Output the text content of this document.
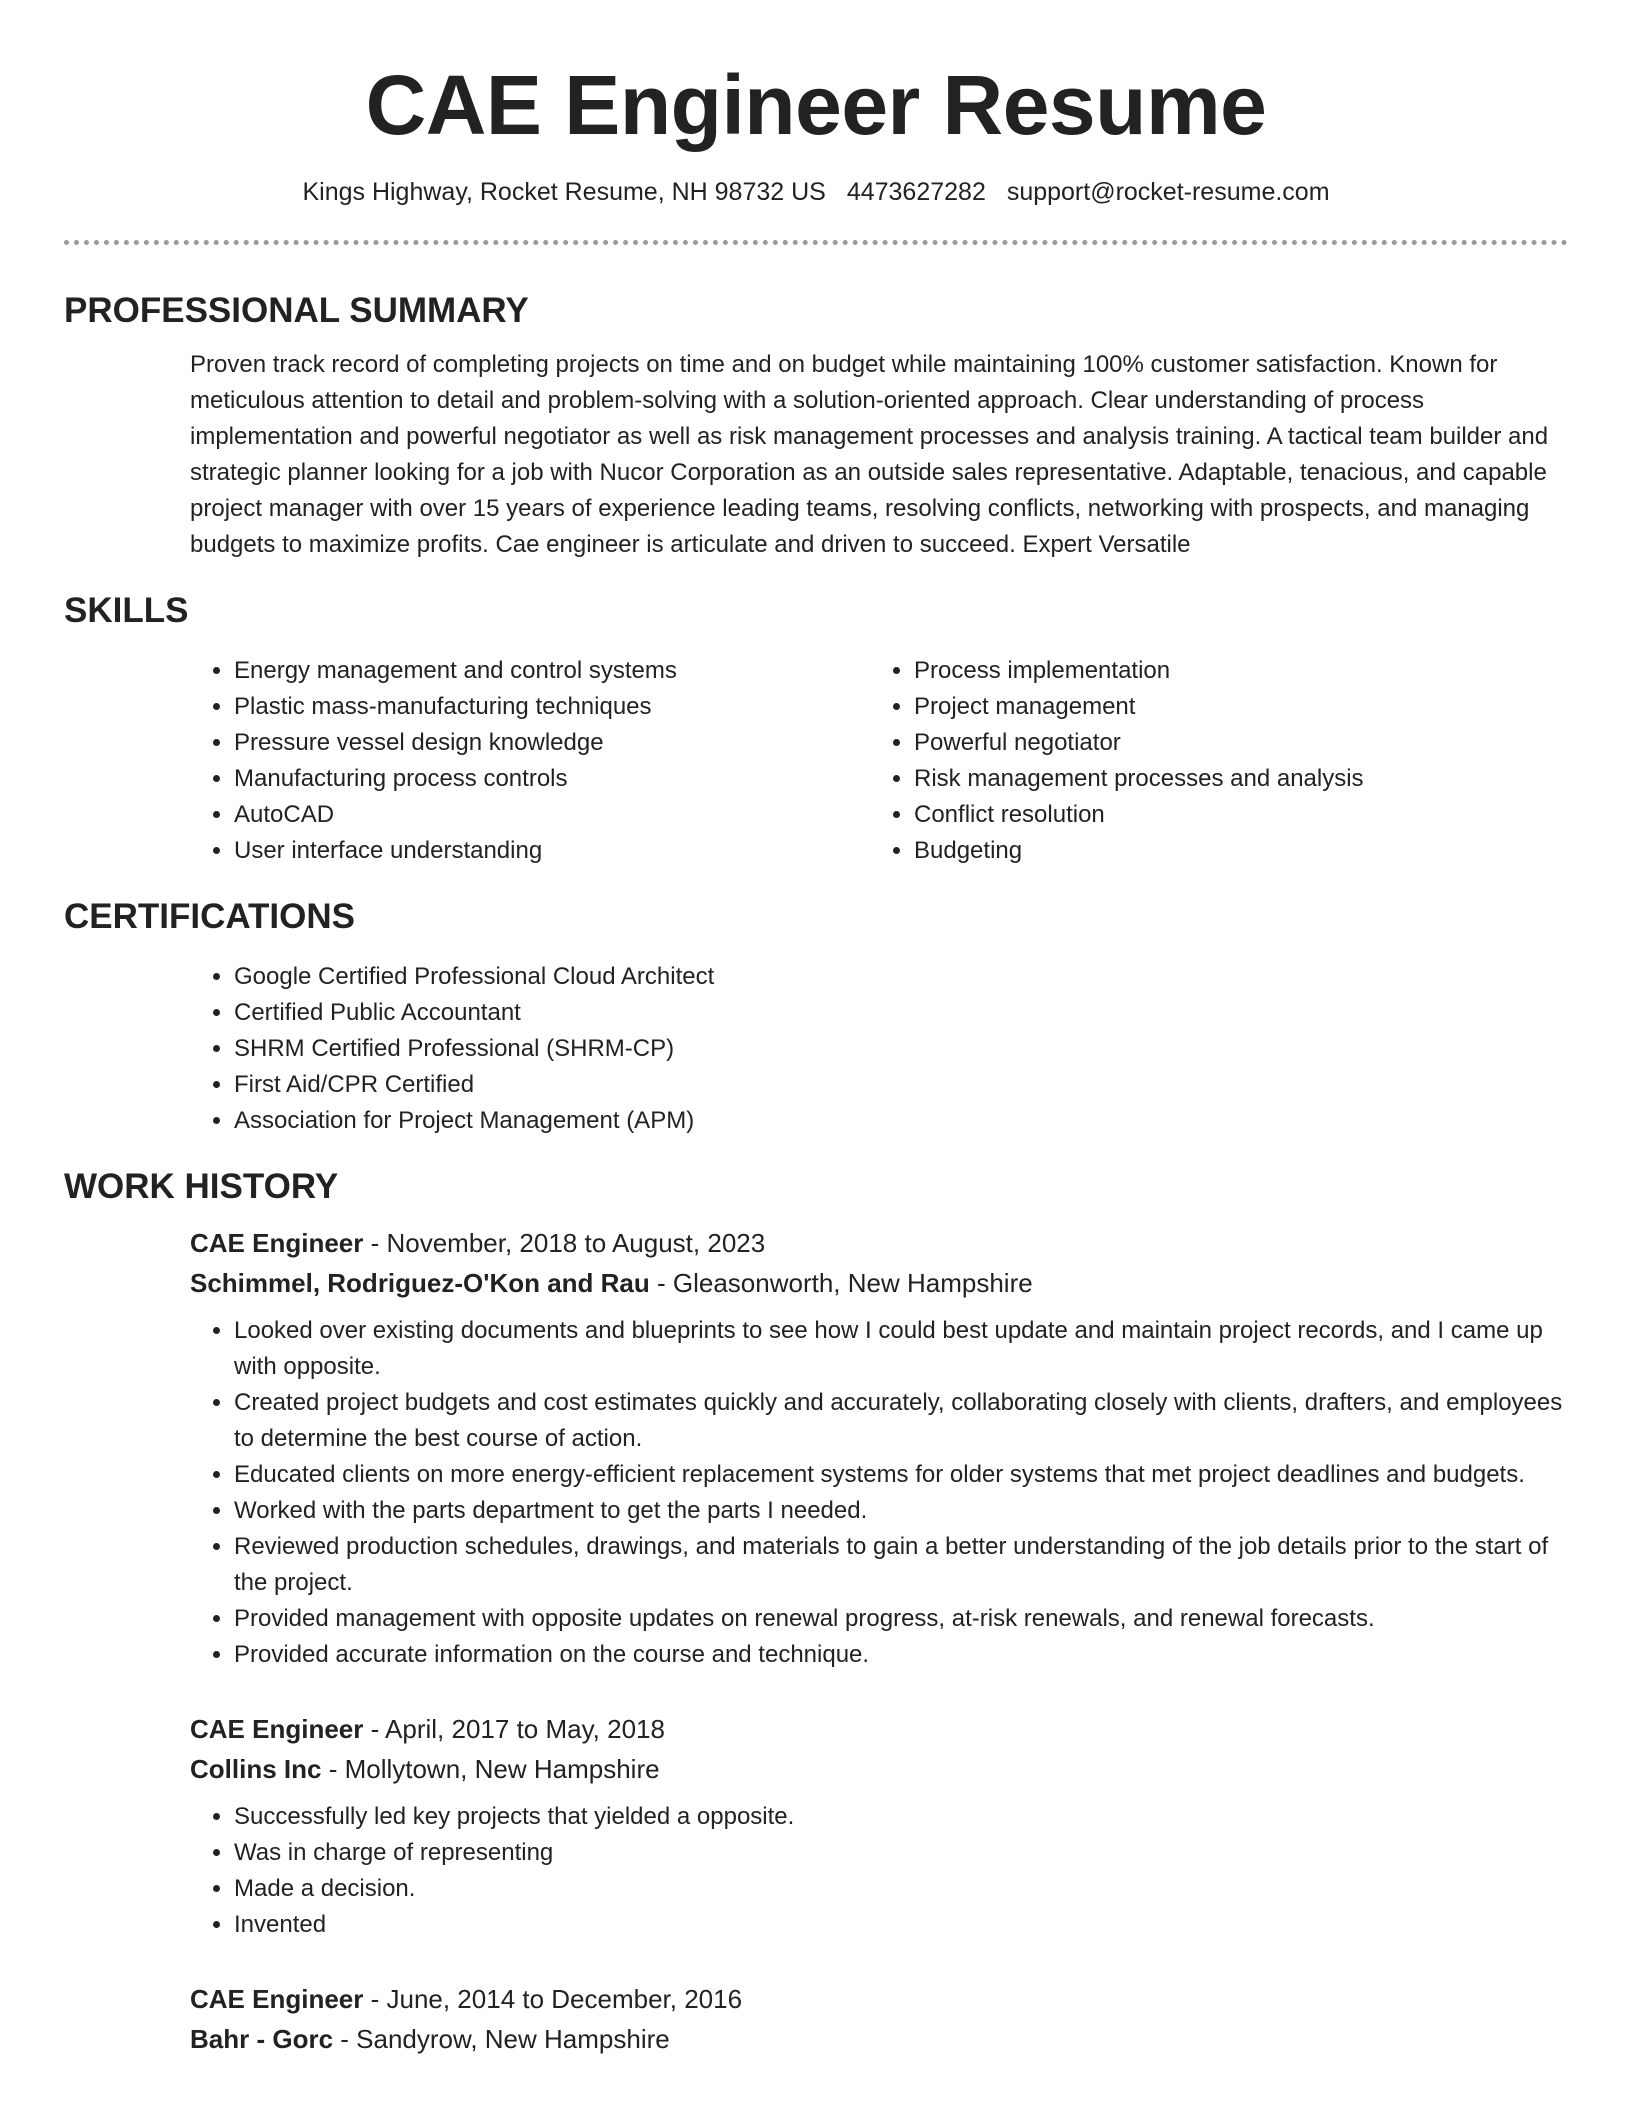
CAE Engineer Resume
Kings Highway, Rocket Resume, NH 98732 US 4473627282 support@rocket-resume.com
PROFESSIONAL SUMMARY

Proven track record of completing projects on time and on budget while maintaining 100% customer satisfaction. Known for meticulous attention to detail and problem-solving with a solution-oriented approach. Clear understanding of process implementation and powerful negotiator as well as risk management processes and analysis training. A tactical team builder and strategic planner looking for a job with Nucor Corporation as an outside sales representative. Adaptable, tenacious, and capable project manager with over 15 years of experience leading teams, resolving conflicts, networking with prospects, and managing budgets to maximize profits. Cae engineer is articulate and driven to succeed. Expert Versatile

SKILLS
• Energy management and control systems
• Plastic mass-manufacturing techniques
• Pressure vessel design knowledge
• Manufacturing process controls
• AutoCAD
• User interface understanding
• Process implementation
• Project management
• Powerful negotiator
• Risk management processes and analysis
• Conflict resolution
• Budgeting
CERTIFICATIONS
• Google Certified Professional Cloud Architect
• Certified Public Accountant
• SHRM Certified Professional (SHRM-CP)
• First Aid/CPR Certified
• Association for Project Management (APM)
WORK HISTORY

CAE Engineer - November, 2018 to August, 2023

Schimmel, Rodriguez-O'Kon and Rau - Gleasonworth, New Hampshire

• Looked over existing documents and blueprints to see how I could best update and maintain project records, and I came up with opposite.
• Created project budgets and cost estimates quickly and accurately, collaborating closely with clients, drafters, and employees to determine the best course of action.
• Educated clients on more energy-efficient replacement systems for older systems that met project deadlines and budgets.
• Worked with the parts department to get the parts I needed.
• Reviewed production schedules, drawings, and materials to gain a better understanding of the job details prior to the start of the project.
• Provided management with opposite updates on renewal progress, at-risk renewals, and renewal forecasts.
• Provided accurate information on the course and technique.

CAE Engineer - April, 2017 to May, 2018

Collins Inc - Mollytown, New Hampshire

• Successfully led key projects that yielded a opposite.
• Was in charge of representing
• Made a decision.
• Invented

CAE Engineer - June, 2014 to December, 2016

Bahr - Gorc - Sandyrow, New Hampshire
